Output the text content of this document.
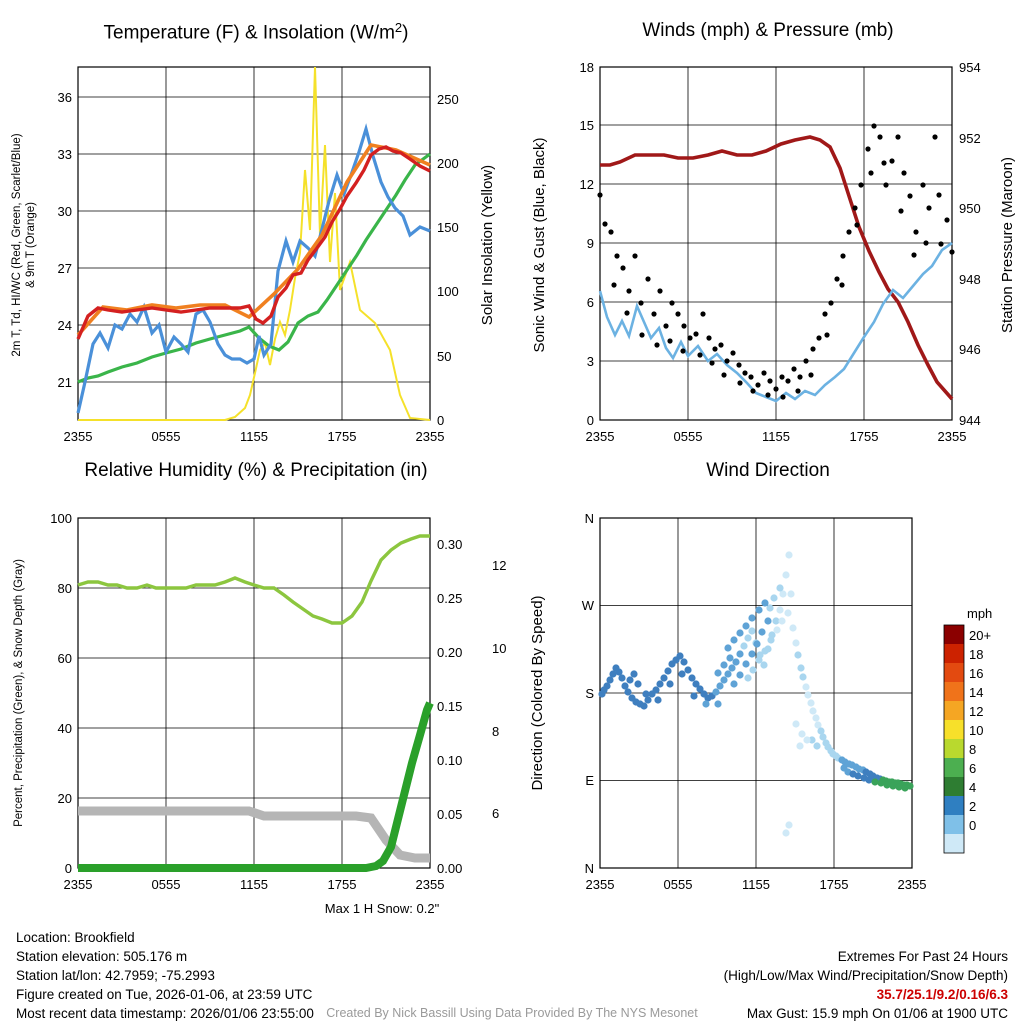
Temperature (F) & Insolation $(W/m^2)$
21
24
27
30
33
36
0
50
100
150
200
250
2355	0555	1155	1755	2355
2m T, Td, HI/WC (Red, Green, Scarlet/Blue) & 9m T (Orange)	Solar Insolation (Yellow)
Winds (mph) & Pressure (mb)
0
3
6
9
12
15
18
944
946
948
950
952
954
2355	0555	1155	1755	2355
Sonic Wind & Gust (Blue, Black)	Station Pressure (Maroon)
Relative Humidity (%) & Precipitation (in)
0
20
40
60
80
100
0.00
0.05
0.10
0.15
0.20
0.25
0.30
6
8
10
12
2355	0555	1155	1755	2355
Percent, Precipitation (Green), & Snow Depth (Gray)
Max 1 H Snow: 0.2"
Wind Direction
N
W
S
E
N
2355	0555	1155	1755	2355
Direction (Colored By Speed)	mph
20+
18
16
14
12
10
8
6
4
2
0
Location: Brookfield
Station elevation: 505.176 m
Station lat/lon: 42.7959; -75.2993
Figure created on Tue, 2026-01-06, at 23:59 UTC
Most recent data timestamp: 2026/01/06 23:55:00
Extremes For Past 24 Hours
(High/Low/Max Wind/Precipitation/Snow Depth)
35.7/25.1/9.2/0.16/6.3
Max Gust: 15.9 mph On 01/06 at 1900 UTC
Created By Nick Bassill Using Data Provided By The NYS Mesonet
